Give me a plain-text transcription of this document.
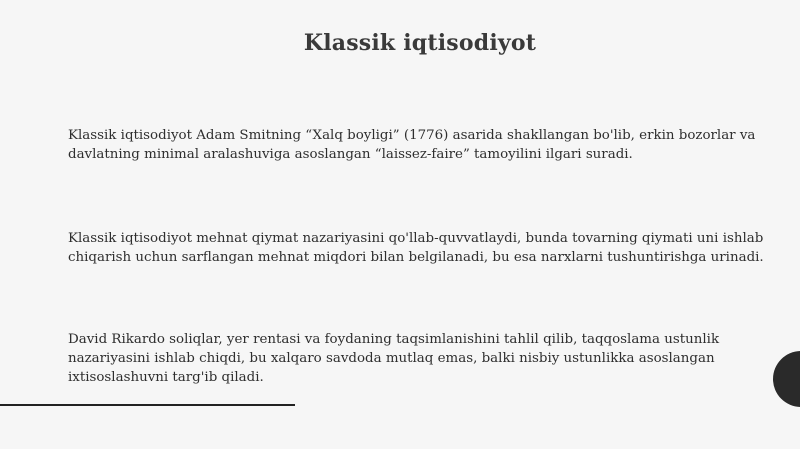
Klassik iqtisodiyot

Klassik iqtisodiyot Adam Smitning “Xalq boyligi” (1776) asarida shakllangan bo'lib, erkin bozorlar va davlatning minimal aralashuviga asoslangan “laissez-faire” tamoyilini ilgari suradi.

Klassik iqtisodiyot mehnat qiymat nazariyasini qo'llab-quvvatlaydi, bunda tovarning qiymati uni ishlab chiqarish uchun sarflangan mehnat miqdori bilan belgilanadi, bu esa narxlarni tushuntirishga urinadi.

David Rikardo soliqlar, yer rentasi va foydaning taqsimlanishini tahlil qilib, taqqoslama ustunlik nazariyasini ishlab chiqdi, bu xalqaro savdoda mutlaq emas, balki nisbiy ustunlikka asoslangan ixtisoslashuvni targ'ib qiladi.
